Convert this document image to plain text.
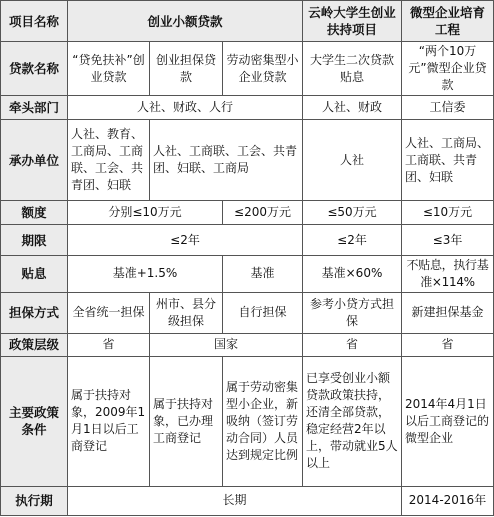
项目名称	创业小额贷款			云岭大学生创业扶持项目	微型企业培育工程
贷款名称	“贷免扶补”创业贷款	创业担保贷款	劳动密集型小企业贷款	大学生二次贷款贴息	“两个10万元”微型企业贷款
牵头部门	人社、财政、人行			人社、财政	工信委
承办单位	人社、教育、工商局、工商联、工会、共青团、妇联	人社、工商联、工会、共青团、妇联、工商局		人社	人社、工商局、工商联、共青团、妇联
额度	分别≤10万元		≤200万元	≤50万元	≤10万元
期限	≤2年			≤2年	≤3年
贴息	基准+1.5%		基准	基准×60%	不贴息，执行基准×114%
担保方式	全省统一担保	州市、县分级担保	自行担保	参考小贷方式担保	新建担保基金
政策层级	省	国家		省	省
主要政策条件	属于扶持对象，2009年1月1日以后工商登记	属于扶持对象，已办理工商登记	属于劳动密集型小企业，新吸纳（签订劳动合同）人员达到规定比例	已享受创业小额贷款政策扶持，还清全部贷款，稳定经营2年以上，带动就业5人以上	2014年4月1日以后工商登记的微型企业
执行期	长期				2014-2016年
